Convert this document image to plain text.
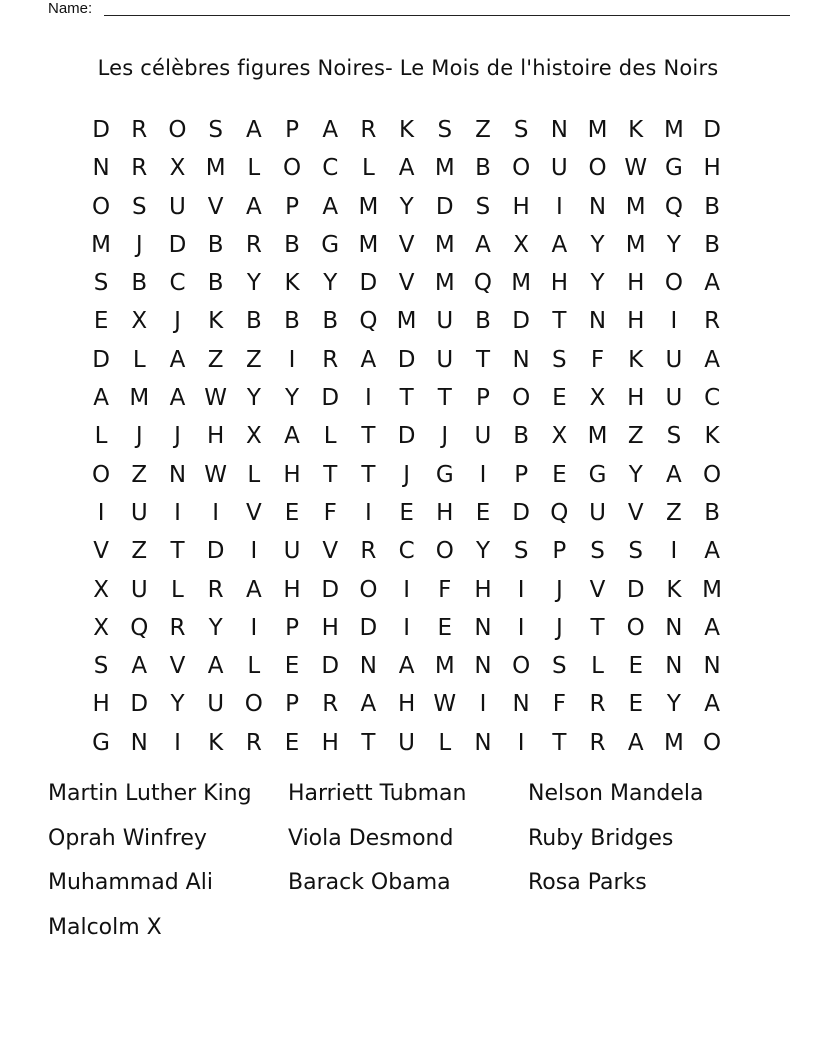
Name:
Les célèbres figures Noires- Le Mois de l'histoire des Noirs
D R O S	A	P	A R K	S	Z	S N M K M D
N R X M L O C	L	A M B O U O W G H
O S U V A	P	A M Y D S H	I	N M Q B
M	J	D B R B G M V M A X A	Y M Y	B
S	B C B	Y	K	Y D V M Q M H Y H O A
E	X	J	K B B B Q M U B D T N H	I	R
D L	A Z Z	I	R A D U T N S	F	K U A
A M A W Y	Y D	I	T	T	P O E	X H U C
L	J	J	H X A	L	T D	J	U B X M Z	S	K
O Z N W L	H T	T	J	G	I	P	E G Y	A O
I	U	I	I	V	E	F	I	E H E D Q U V Z B
V Z	T D	I	U V R C O Y	S	P	S	S	I	A
X U	L	R A H D O	I	F H	I	J	V D K M
X Q R	Y	I	P H D	I	E N	I	J	T O N A
S	A V A	L	E D N A M N O S	L	E N N
H D Y U O P	R A H W	I	N F	R E	Y	A
G N	I	K R E H T U	L	N	I	T	R A M O
Martin Luther King	Harriett Tubman	Nelson Mandela
Oprah Winfrey	Viola Desmond	Ruby Bridges
Muhammad Ali	Barack Obama	Rosa Parks
Malcolm X
